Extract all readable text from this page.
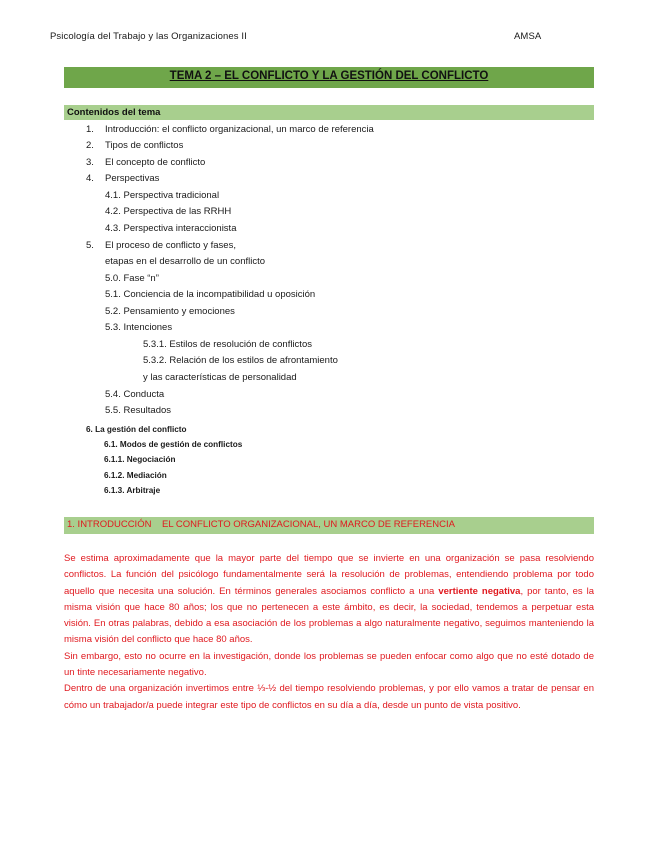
Psicología del Trabajo y las Organizaciones II	AMSA
TEMA 2 – EL CONFLICTO Y LA GESTIÓN DEL CONFLICTO
Contenidos del tema
1. Introducción: el conflicto organizacional, un marco de referencia
2. Tipos de conflictos
3. El concepto de conflicto
4. Perspectivas
4.1. Perspectiva tradicional
4.2. Perspectiva de las RRHH
4.3. Perspectiva interaccionista
5. El proceso de conflicto y fases,
etapas en el desarrollo de un conflicto
5.0. Fase “n”
5.1. Conciencia de la incompatibilidad u oposición
5.2. Pensamiento y emociones
5.3. Intenciones
5.3.1. Estilos de resolución de conflictos
5.3.2. Relación de los estilos de afrontamiento
y las características de personalidad
5.4. Conducta
5.5. Resultados
6. La gestión del conflicto
6.1. Modos de gestión de conflictos
6.1.1. Negociación
6.1.2. Mediación
6.1.3. Arbitraje
1. INTRODUCCIÓN    EL CONFLICTO ORGANIZACIONAL, UN MARCO DE REFERENCIA

Se estima aproximadamente que la mayor parte del tiempo que se invierte en una organización se pasa resolviendo conflictos. La función del psicólogo fundamentalmente será la resolución de problemas, entendiendo problema por todo aquello que necesita una solución. En términos generales asociamos conflicto a una vertiente negativa, por tanto, es la misma visión que hace 80 años; los que no pertenecen a este ámbito, es decir, la sociedad, tendemos a perpetuar esta visión. En otras palabras, debido a esa asociación de los problemas a algo naturalmente negativo, seguimos manteniendo la misma visión del conflicto que hace 80 años.

Sin embargo, esto no ocurre en la investigación, donde los problemas se pueden enfocar como algo que no esté dotado de un tinte necesariamente negativo.

Dentro de una organización invertimos entre ⅓-½ del tiempo resolviendo problemas, y por ello vamos a tratar de pensar en cómo un trabajador/a puede integrar este tipo de conflictos en su día a día, desde un punto de vista positivo.
